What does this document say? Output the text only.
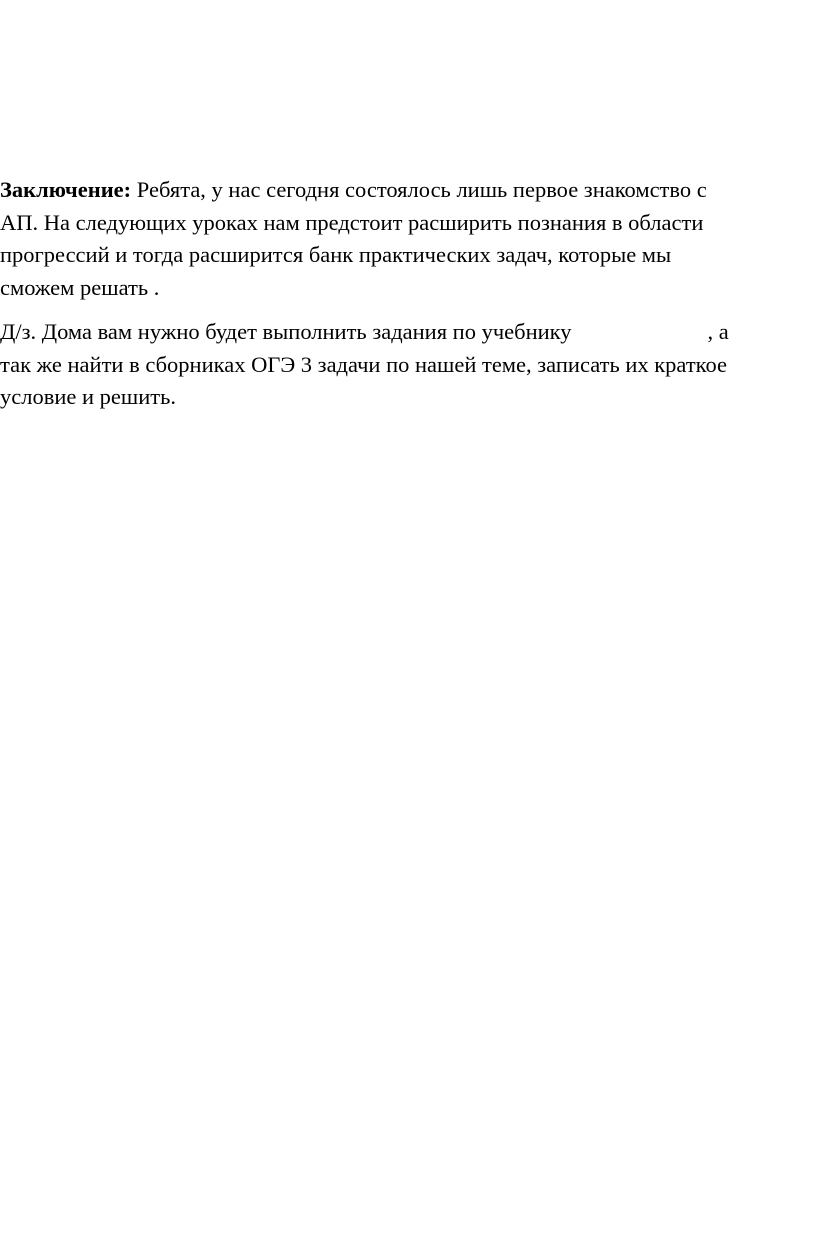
Заключение: Ребята, у нас сегодня состоялось лишь первое знакомство с
АП. На следующих уроках нам предстоит расширить познания в области
прогрессий и тогда расширится банк практических задач, которые мы
сможем решать .

Д/з. Дома вам нужно будет выполнить задания по учебнику	, а
так же найти в сборниках ОГЭ 3 задачи по нашей теме, записать их краткое
условие и решить.
